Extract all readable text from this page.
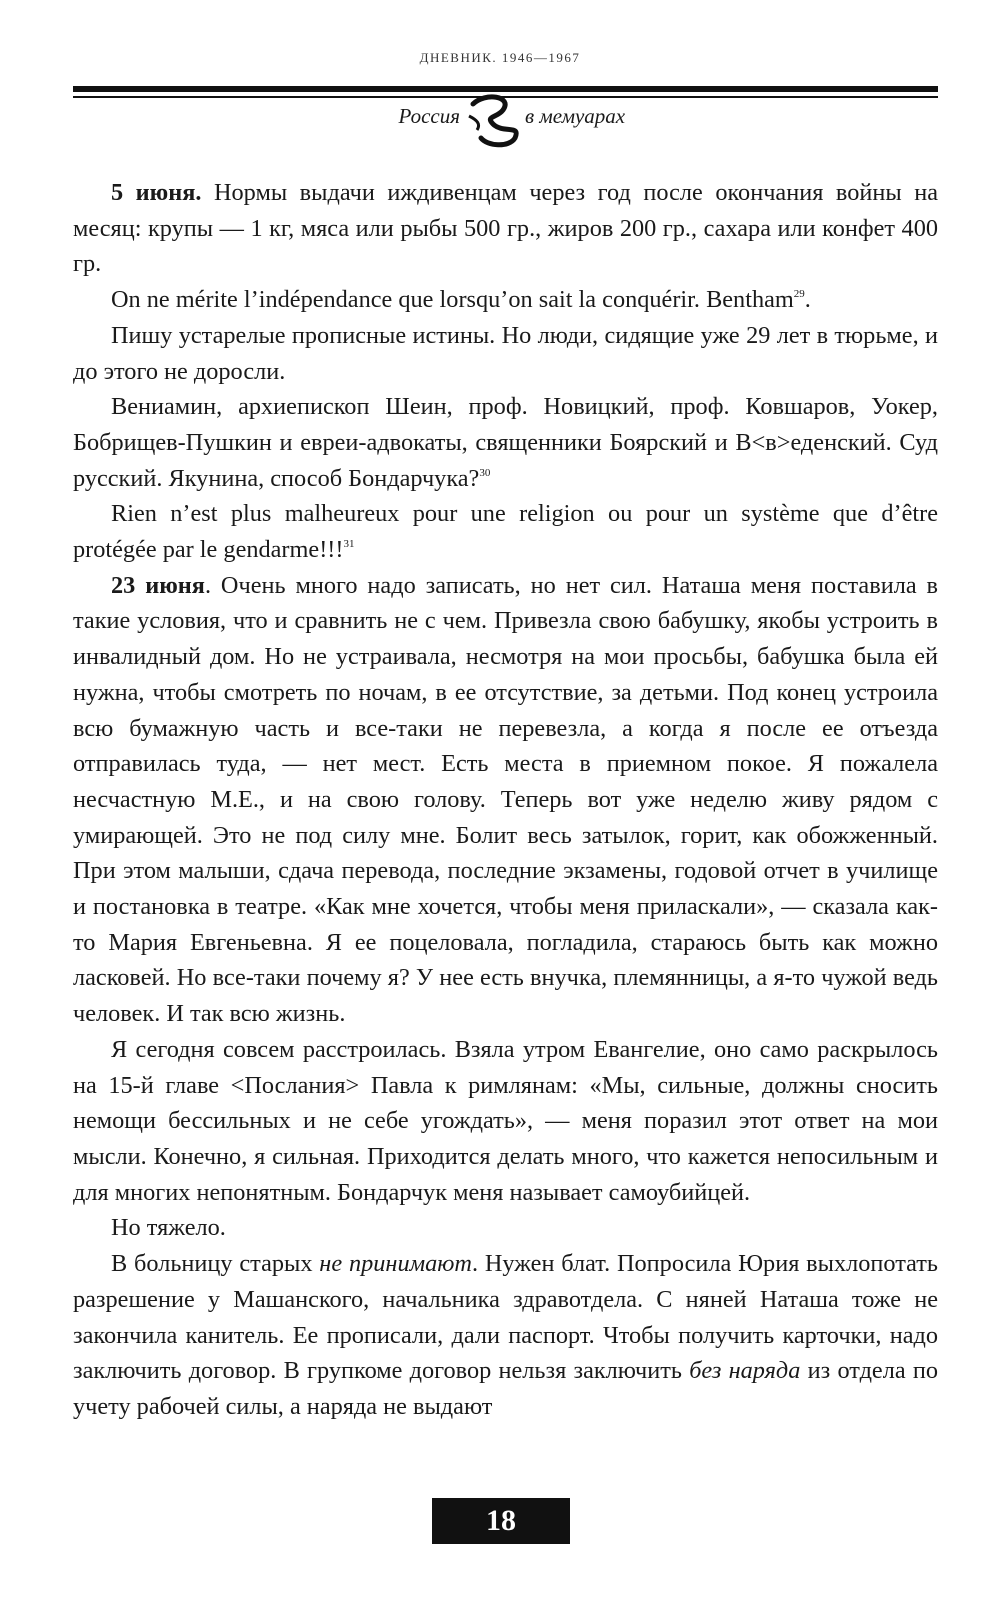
ДНЕВНИК. 1946—1967
Россия	в мемуарах

5 июня. Нормы выдачи иждивенцам через год после окончания войны на месяц: крупы — 1 кг, мяса или рыбы 500 гр., жиров 200 гр., сахара или конфет 400 гр.

On ne mérite l’indépendance que lorsqu’on sait la conquérir. Bentham$^{29}$.

Пишу устарелые прописные истины. Но люди, сидящие уже 29 лет в тюрьме, и до этого не доросли.

Вениамин, архиепископ Шеин, проф. Новицкий, проф. Ковшаров, Уокер, Бобрищев-Пушкин и евреи-адвокаты, священники Боярский и В<в>еденский. Суд русский. Якунина, способ Бондарчука?$^{30}$

Rien n’est plus malheureux pour une religion ou pour un système que d’être protégée par le gendarme!!!$^{31}$

23 июня. Очень много надо записать, но нет сил. Наташа меня поставила в такие условия, что и сравнить не с чем. Привезла свою бабушку, якобы устроить в инвалидный дом. Но не устраивала, несмотря на мои просьбы, бабушка была ей нужна, чтобы смотреть по ночам, в ее отсутствие, за детьми. Под конец устроила всю бумажную часть и все-таки не перевезла, а когда я после ее отъезда отправилась туда, — нет мест. Есть места в приемном покое. Я пожалела несчастную М.Е., и на свою голову. Теперь вот уже неделю живу рядом с умирающей. Это не под силу мне. Болит весь затылок, горит, как обожженный. При этом малыши, сдача перевода, последние экзамены, годовой отчет в училище и постановка в театре. «Как мне хочется, чтобы меня приласкали», — сказала как-то Мария Евгеньевна. Я ее поцеловала, погладила, стараюсь быть как можно ласковей. Но все-таки почему я? У нее есть внучка, племянницы, а я-то чужой ведь человек. И так всю жизнь.

Я сегодня совсем расстроилась. Взяла утром Евангелие, оно само раскрылось на 15-й главе <Послания> Павла к римлянам: «Мы, сильные, должны сносить немощи бессильных и не себе угождать», — меня поразил этот ответ на мои мысли. Конечно, я сильная. Приходится делать много, что кажется непосильным и для многих непонятным. Бондарчук меня называет самоубийцей.

Но тяжело.

В больницу старых не принимают. Нужен блат. Попросила Юрия выхлопотать разрешение у Машанского, начальника здравотдела. С няней Наташа тоже не закончила канитель. Ее прописали, дали паспорт. Чтобы получить карточки, надо заключить договор. В групкоме договор нельзя заключить без наряда из отдела по учету рабочей силы, а наряда не выдают

18
